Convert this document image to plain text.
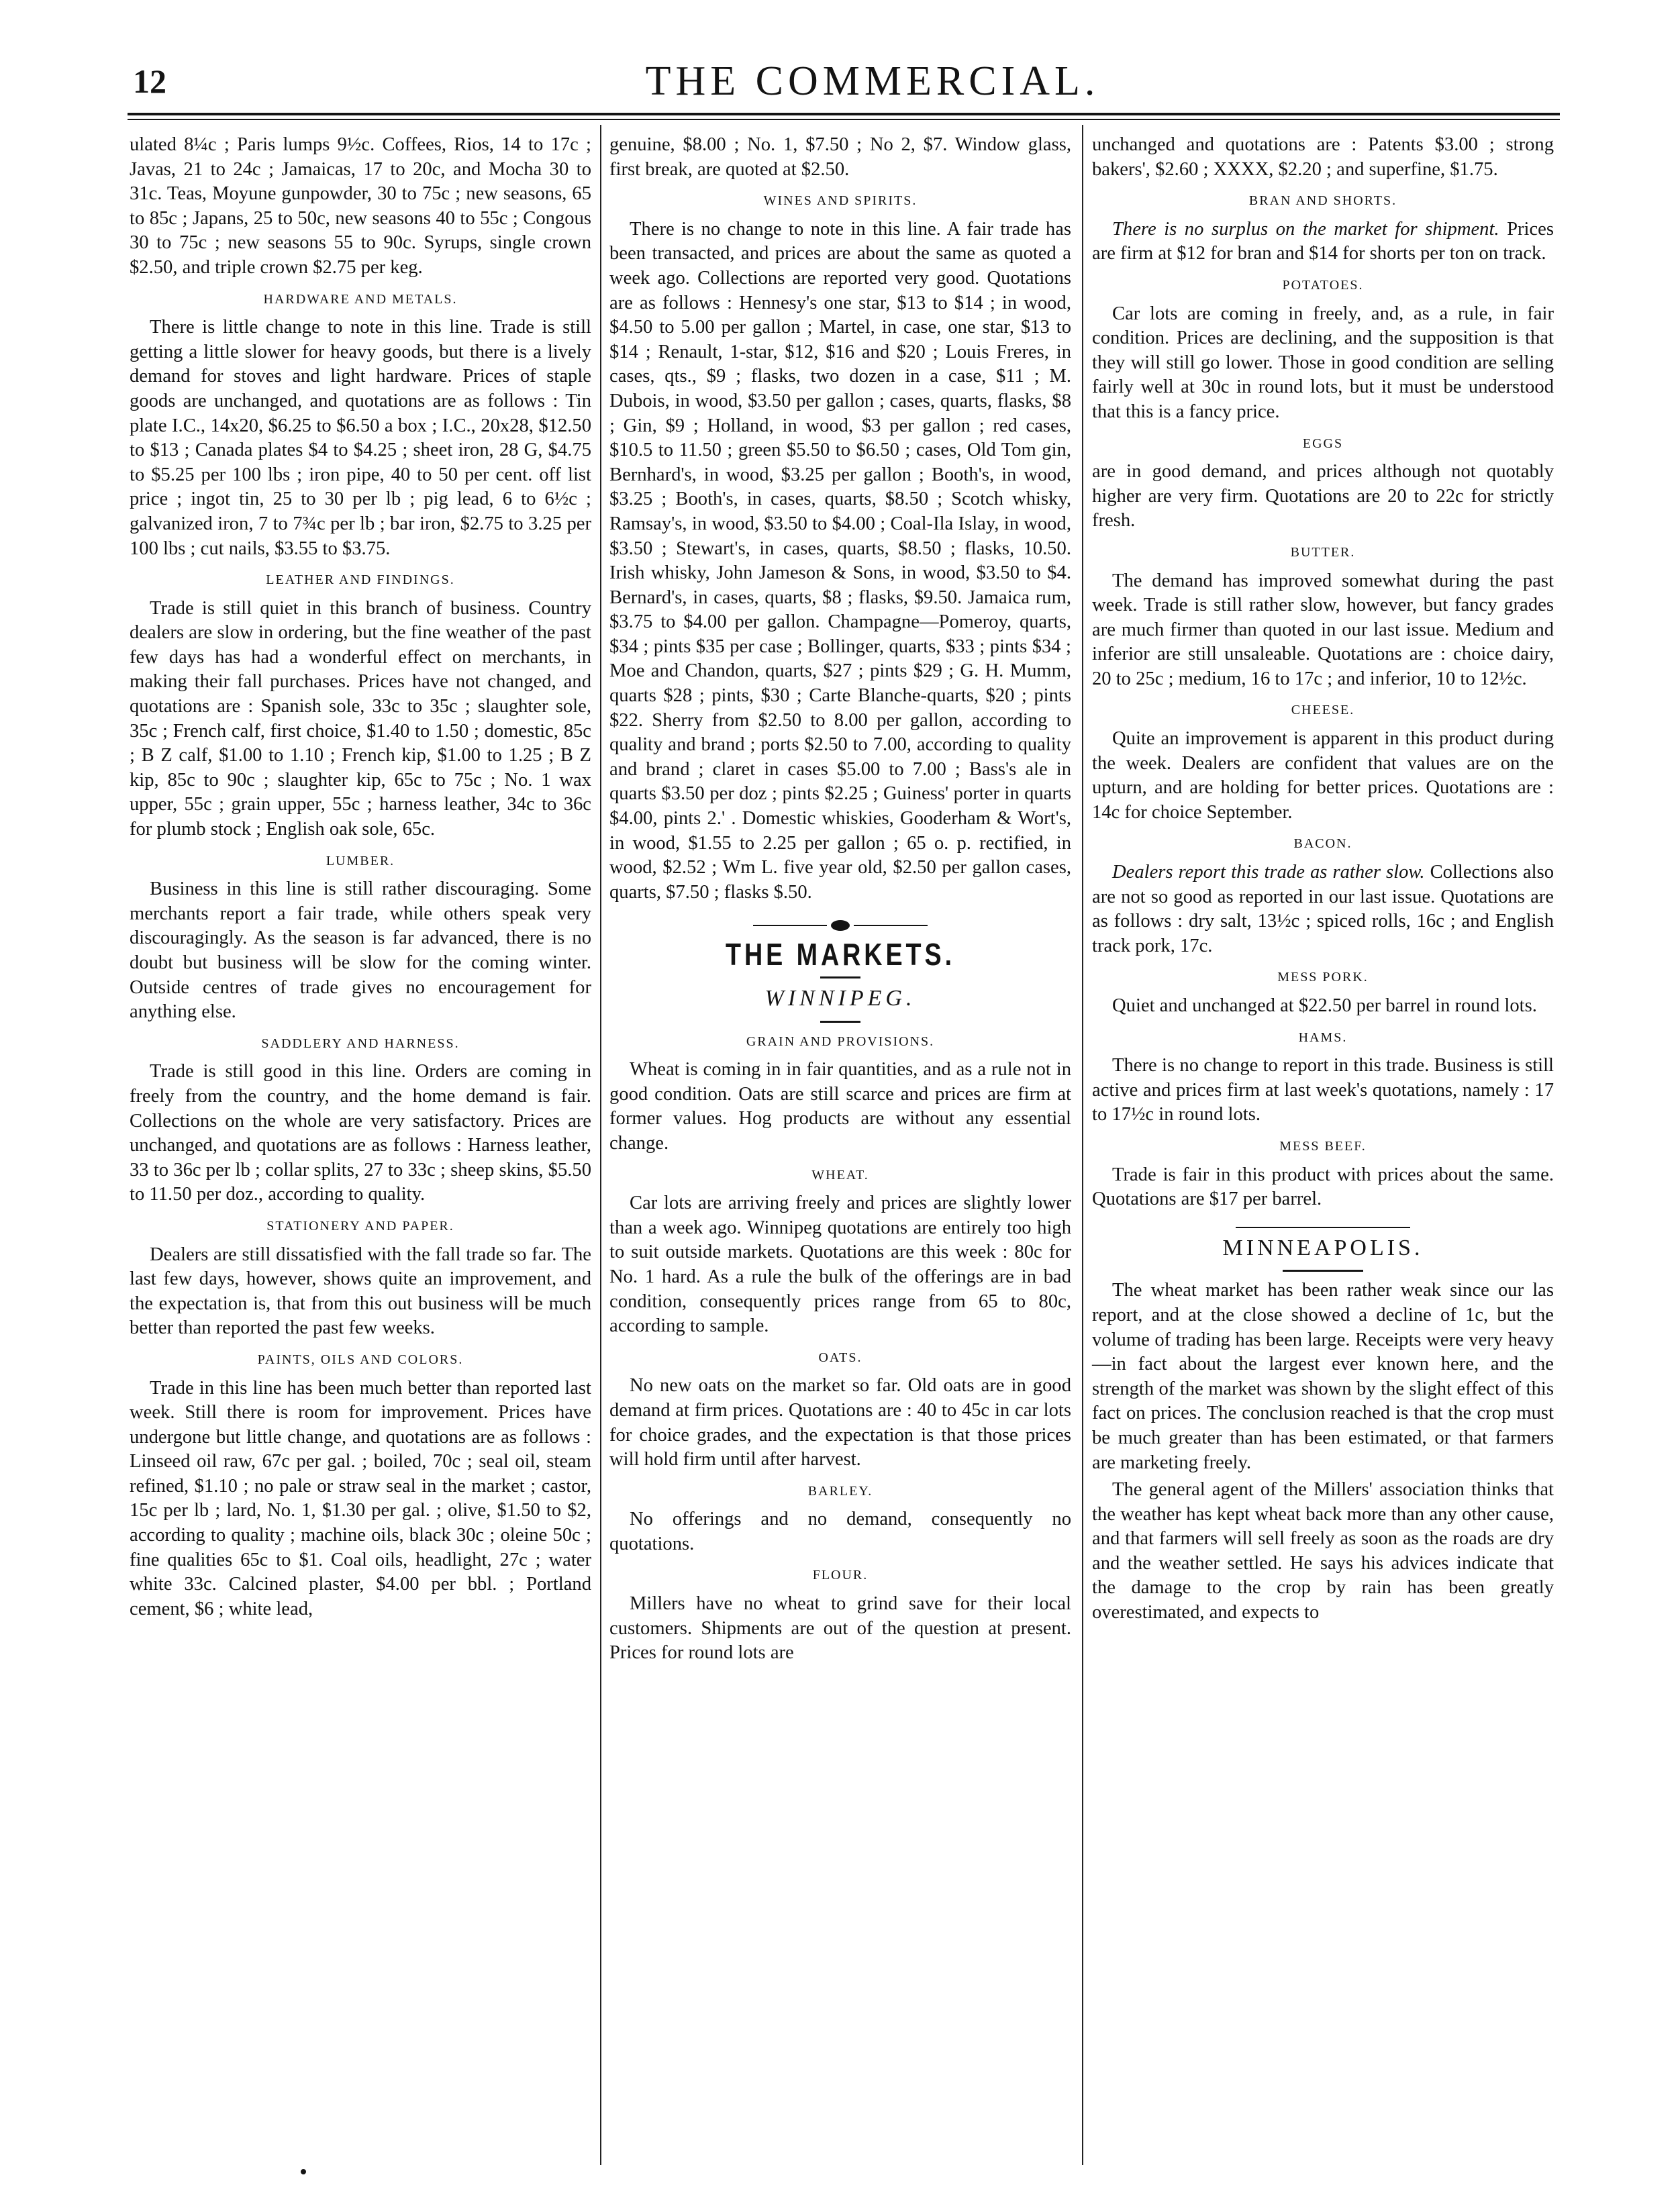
12	THE COMMERCIAL.

ulated 8¼c ; Paris lumps 9½c. Coffees, Rios, 14 to 17c ; Javas, 21 to 24c ; Jamaicas, 17 to 20c, and Mocha 30 to 31c. Teas, Moyune gunpowder, 30 to 75c ; new seasons, 65 to 85c ; Japans, 25 to 50c, new seasons 40 to 55c ; Congous 30 to 75c ; new seasons 55 to 90c. Syrups, single crown $2.50, and triple crown $2.75 per keg.

HARDWARE AND METALS.

There is little change to note in this line. Trade is still getting a little slower for heavy goods, but there is a lively demand for stoves and light hardware. Prices of staple goods are unchanged, and quotations are as follows : Tin plate I.C., 14x20, $6.25 to $6.50 a box ; I.C., 20x28, $12.50 to $13 ; Canada plates $4 to $4.25 ; sheet iron, 28 G, $4.75 to $5.25 per 100 lbs ; iron pipe, 40 to 50 per cent. off list price ; ingot tin, 25 to 30 per lb ; pig lead, 6 to 6½c ; galvanized iron, 7 to 7¾c per lb ; bar iron, $2.75 to 3.25 per 100 lbs ; cut nails, $3.55 to $3.75.

LEATHER AND FINDINGS.

Trade is still quiet in this branch of business. Country dealers are slow in ordering, but the fine weather of the past few days has had a wonderful effect on merchants, in making their fall purchases. Prices have not changed, and quotations are : Spanish sole, 33c to 35c ; slaughter sole, 35c ; French calf, first choice, $1.40 to 1.50 ; domestic, 85c ; B Z calf, $1.00 to 1.10 ; French kip, $1.00 to 1.25 ; B Z kip, 85c to 90c ; slaughter kip, 65c to 75c ; No. 1 wax upper, 55c ; grain upper, 55c ; harness leather, 34c to 36c for plumb stock ; English oak sole, 65c.

LUMBER.

Business in this line is still rather discouraging. Some merchants report a fair trade, while others speak very discouragingly. As the season is far advanced, there is no doubt but business will be slow for the coming winter. Outside centres of trade gives no encouragement for anything else.

SADDLERY AND HARNESS.

Trade is still good in this line. Orders are coming in freely from the country, and the home demand is fair. Collections on the whole are very satisfactory. Prices are unchanged, and quotations are as follows : Harness leather, 33 to 36c per lb ; collar splits, 27 to 33c ; sheep skins, $5.50 to 11.50 per doz., according to quality.

STATIONERY AND PAPER.

Dealers are still dissatisfied with the fall trade so far. The last few days, however, shows quite an improvement, and the expectation is, that from this out business will be much better than reported the past few weeks.

PAINTS, OILS AND COLORS.

Trade in this line has been much better than reported last week. Still there is room for improvement. Prices have undergone but little change, and quotations are as follows : Linseed oil raw, 67c per gal. ; boiled, 70c ; seal oil, steam refined, $1.10 ; no pale or straw seal in the market ; castor, 15c per lb ; lard, No. 1, $1.30 per gal. ; olive, $1.50 to $2, according to quality ; machine oils, black 30c ; oleine 50c ; fine qualities 65c to $1. Coal oils, headlight, 27c ; water white 33c. Calcined plaster, $4.00 per bbl. ; Portland cement, $6 ; white lead,

genuine, $8.00 ; No. 1, $7.50 ; No 2, $7. Window glass, first break, are quoted at $2.50.

WINES AND SPIRITS.

There is no change to note in this line. A fair trade has been transacted, and prices are about the same as quoted a week ago. Collections are reported very good. Quotations are as follows : Hennesy's one star, $13 to $14 ; in wood, $4.50 to 5.00 per gallon ; Martel, in case, one star, $13 to $14 ; Renault, 1-star, $12, $16 and $20 ; Louis Freres, in cases, qts., $9 ; flasks, two dozen in a case, $11 ; M. Dubois, in wood, $3.50 per gallon ; cases, quarts, flasks, $8 ; Gin, $9 ; Holland, in wood, $3 per gallon ; red cases, $10.5 to 11.50 ; green $5.50 to $6.50 ; cases, Old Tom gin, Bernhard's, in wood, $3.25 per gallon ; Booth's, in wood, $3.25 ; Booth's, in cases, quarts, $8.50 ; Scotch whisky, Ramsay's, in wood, $3.50 to $4.00 ; Coal-Ila Islay, in wood, $3.50 ; Stewart's, in cases, quarts, $8.50 ; flasks, 10.50. Irish whisky, John Jameson & Sons, in wood, $3.50 to $4. Bernard's, in cases, quarts, $8 ; flasks, $9.50. Jamaica rum, $3.75 to $4.00 per gallon. Champagne—Pomeroy, quarts, $34 ; pints $35 per case ; Bollinger, quarts, $33 ; pints $34 ; Moe and Chandon, quarts, $27 ; pints $29 ; G. H. Mumm, quarts $28 ; pints, $30 ; Carte Blanche-quarts, $20 ; pints $22. Sherry from $2.50 to 8.00 per gallon, according to quality and brand ; ports $2.50 to 7.00, according to quality and brand ; claret in cases $5.00 to 7.00 ; Bass's ale in quarts $3.50 per doz ; pints $2.25 ; Guiness' porter in quarts $4.00, pints 2.' . Domestic whiskies, Gooderham & Wort's, in wood, $1.55 to 2.25 per gallon ; 65 o. p. rectified, in wood, $2.52 ; Wm L. five year old, $2.50 per gallon cases, quarts, $7.50 ; flasks $.50.

THE MARKETS.
WINNIPEG.
GRAIN AND PROVISIONS.

Wheat is coming in in fair quantities, and as a rule not in good condition. Oats are still scarce and prices are firm at former values. Hog products are without any essential change.

WHEAT.

Car lots are arriving freely and prices are slightly lower than a week ago. Winnipeg quotations are entirely too high to suit outside markets. Quotations are this week : 80c for No. 1 hard. As a rule the bulk of the offerings are in bad condition, consequently prices range from 65 to 80c, according to sample.

OATS.

No new oats on the market so far. Old oats are in good demand at firm prices. Quotations are : 40 to 45c in car lots for choice grades, and the expectation is that those prices will hold firm until after harvest.

BARLEY.

No offerings and no demand, consequently no quotations.

FLOUR.

Millers have no wheat to grind save for their local customers. Shipments are out of the question at present. Prices for round lots are

unchanged and quotations are : Patents $3.00 ; strong bakers', $2.60 ; XXXX, $2.20 ; and superfine, $1.75.

BRAN AND SHORTS.

There is no surplus on the market for shipment. Prices are firm at $12 for bran and $14 for shorts per ton on track.

POTATOES.

Car lots are coming in freely, and, as a rule, in fair condition. Prices are declining, and the supposition is that they will still go lower. Those in good condition are selling fairly well at 30c in round lots, but it must be understood that this is a fancy price.

EGGS

are in good demand, and prices although not quotably higher are very firm. Quotations are 20 to 22c for strictly fresh.

BUTTER.

The demand has improved somewhat during the past week. Trade is still rather slow, however, but fancy grades are much firmer than quoted in our last issue. Medium and inferior are still unsaleable. Quotations are : choice dairy, 20 to 25c ; medium, 16 to 17c ; and inferior, 10 to 12½c.

CHEESE.

Quite an improvement is apparent in this product during the week. Dealers are confident that values are on the upturn, and are holding for better prices. Quotations are : 14c for choice September.

BACON.

Dealers report this trade as rather slow. Collections also are not so good as reported in our last issue. Quotations are as follows : dry salt, 13½c ; spiced rolls, 16c ; and English track pork, 17c.

MESS PORK.

Quiet and unchanged at $22.50 per barrel in round lots.

HAMS.

There is no change to report in this trade. Business is still active and prices firm at last week's quotations, namely : 17 to 17½c in round lots.

MESS BEEF.

Trade is fair in this product with prices about the same. Quotations are $17 per barrel.

MINNEAPOLIS.

The wheat market has been rather weak since our las report, and at the close showed a decline of 1c, but the volume of trading has been large. Receipts were very heavy—in fact about the largest ever known here, and the strength of the market was shown by the slight effect of this fact on prices. The conclusion reached is that the crop must be much greater than has been estimated, or that farmers are marketing freely.

The general agent of the Millers' association thinks that the weather has kept wheat back more than any other cause, and that farmers will sell freely as soon as the roads are dry and the weather settled. He says his advices indicate that the damage to the crop by rain has been greatly overestimated, and expects to
